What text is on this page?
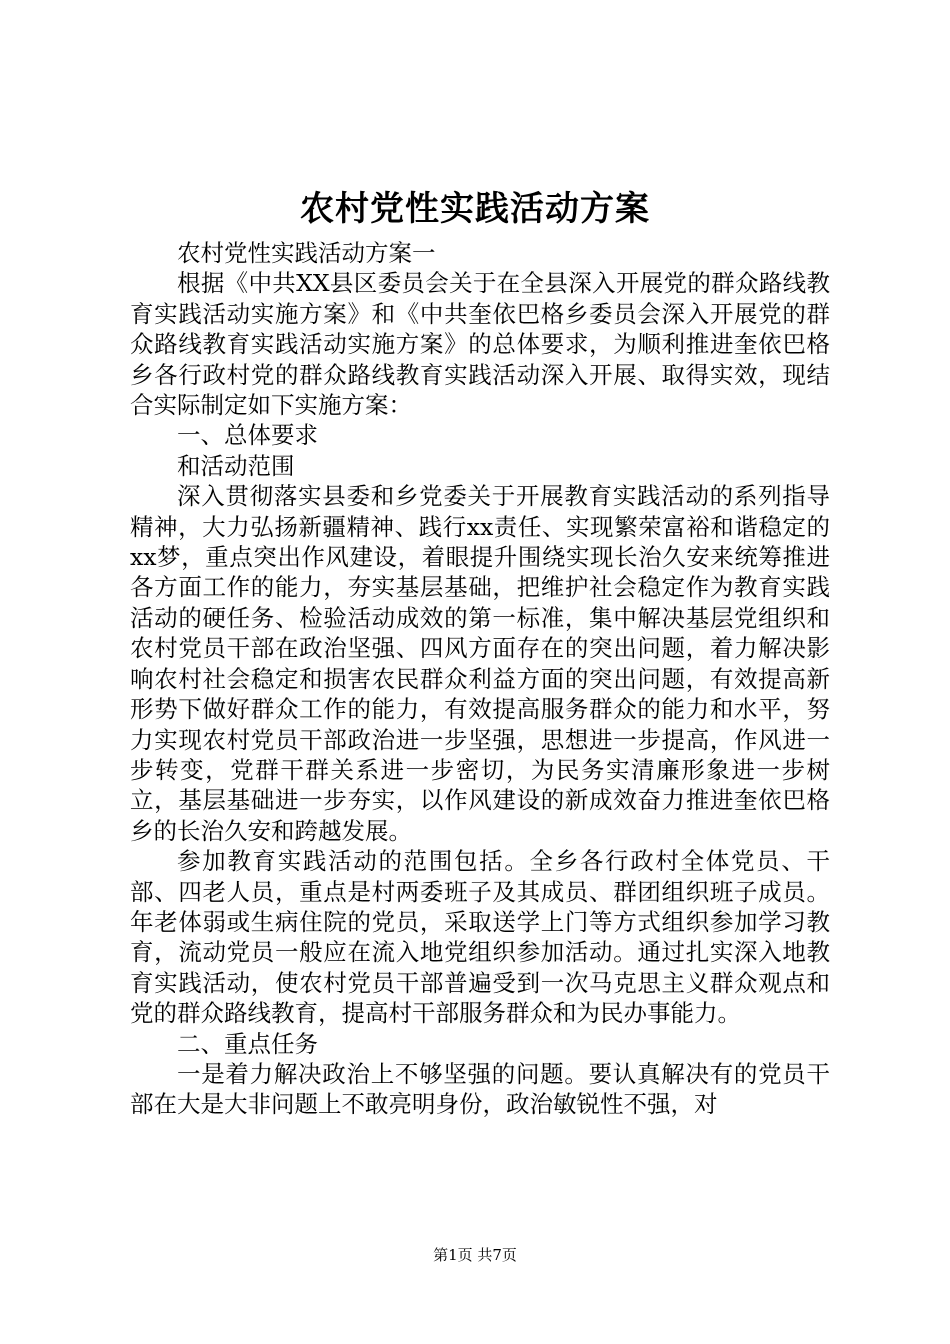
农村党性实践活动方案

农村党性实践活动方案一

根据《中共XX县区委员会关于在全县深入开展党的群众路线教育实践活动实施方案》和《中共奎依巴格乡委员会深入开展党的群众路线教育实践活动实施方案》的总体要求，为顺利推进奎依巴格乡各行政村党的群众路线教育实践活动深入开展、取得实效，现结合实际制定如下实施方案：

一、总体要求

和活动范围

深入贯彻落实县委和乡党委关于开展教育实践活动的系列指导精神，大力弘扬新疆精神、践行xx责任、实现繁荣富裕和谐稳定的xx梦，重点突出作风建设，着眼提升围绕实现长治久安来统筹推进各方面工作的能力，夯实基层基础，把维护社会稳定作为教育实践活动的硬任务、检验活动成效的第一标准，集中解决基层党组织和农村党员干部在政治坚强、四风方面存在的突出问题，着力解决影响农村社会稳定和损害农民群众利益方面的突出问题，有效提高新形势下做好群众工作的能力，有效提高服务群众的能力和水平，努力实现农村党员干部政治进一步坚强，思想进一步提高，作风进一步转变，党群干群关系进一步密切，为民务实清廉形象进一步树立，基层基础进一步夯实，以作风建设的新成效奋力推进奎依巴格乡的长治久安和跨越发展。

参加教育实践活动的范围包括。全乡各行政村全体党员、干部、四老人员，重点是村两委班子及其成员、群团组织班子成员。年老体弱或生病住院的党员，采取送学上门等方式组织参加学习教育，流动党员一般应在流入地党组织参加活动。通过扎实深入地教育实践活动，使农村党员干部普遍受到一次马克思主义群众观点和党的群众路线教育，提高村干部服务群众和为民办事能力。

二、重点任务

一是着力解决政治上不够坚强的问题。要认真解决有的党员干部在大是大非问题上不敢亮明身份，政治敏锐性不强，对

第1页 共7页
